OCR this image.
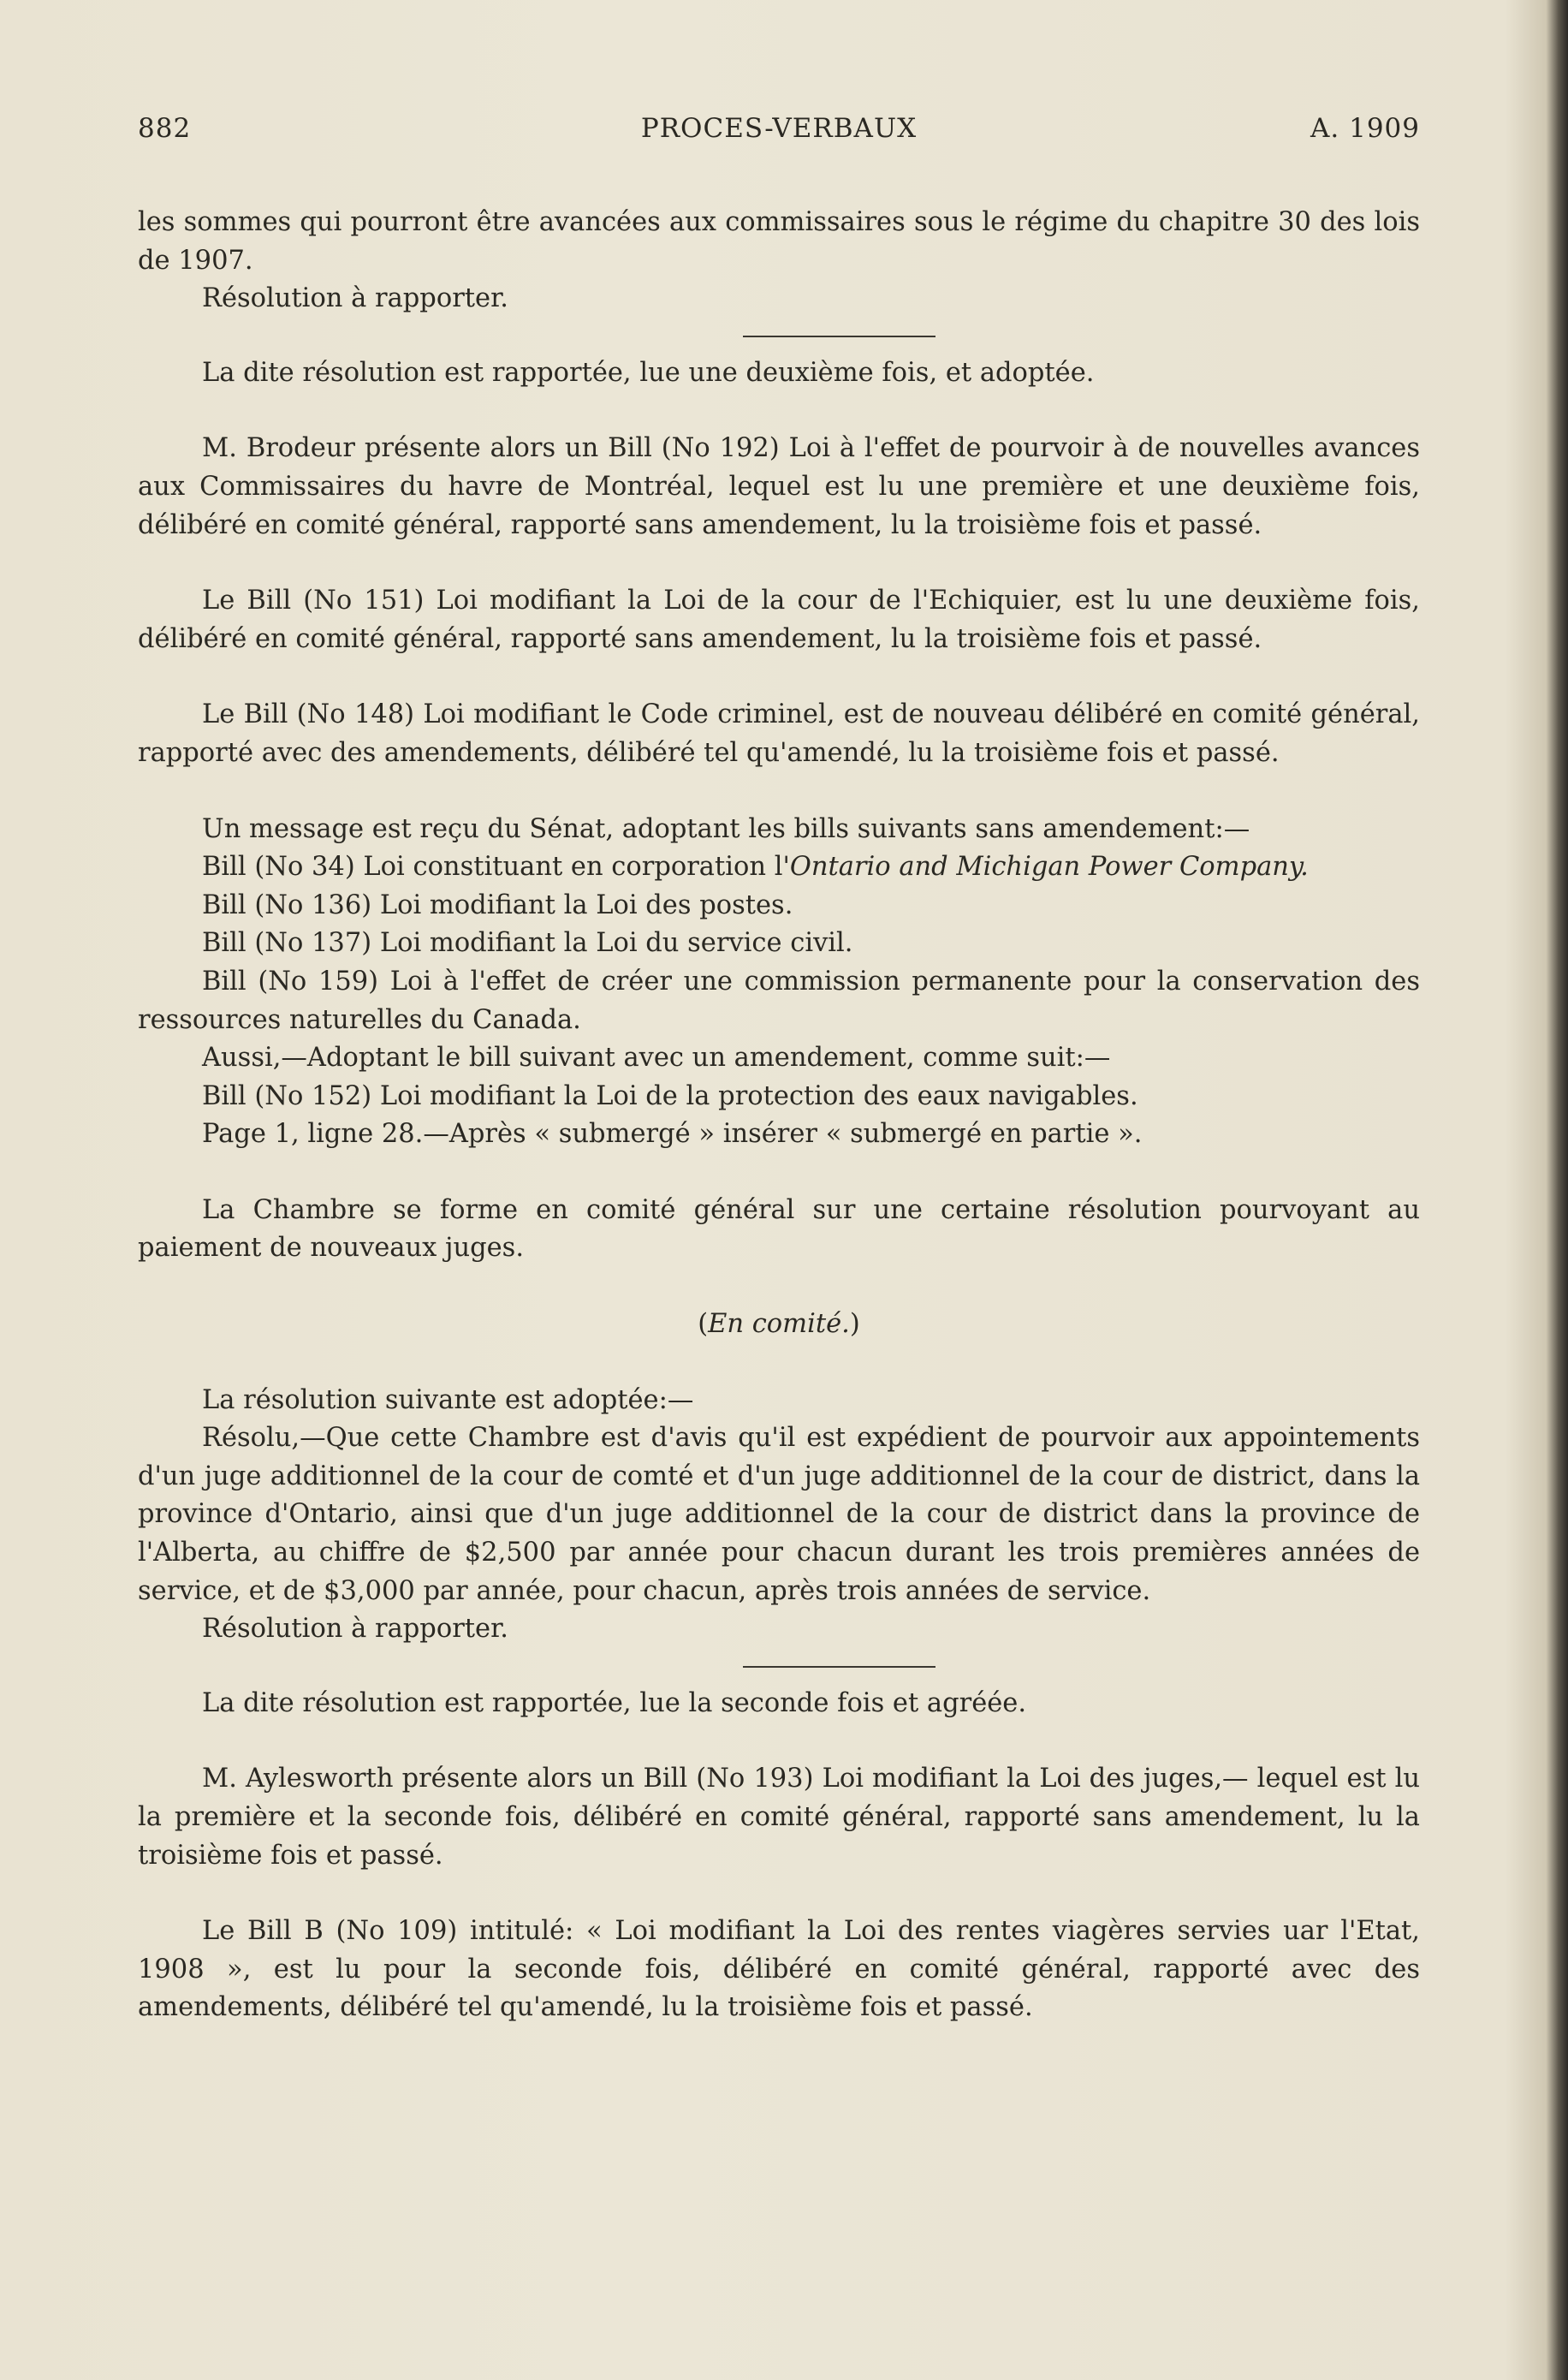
882	PROCES-VERBAUX	A. 1909

les sommes qui pourront être avancées aux commissaires sous le régime du chapitre 30 des lois de 1907.

Résolution à rapporter.

La dite résolution est rapportée, lue une deuxième fois, et adoptée.

M. Brodeur présente alors un Bill (No 192) Loi à l'effet de pourvoir à de nouvelles avances aux Commissaires du havre de Montréal, lequel est lu une première et une deuxième fois, délibéré en comité général, rapporté sans amendement, lu la troisième fois et passé.

Le Bill (No 151) Loi modifiant la Loi de la cour de l'Echiquier, est lu une deuxième fois, délibéré en comité général, rapporté sans amendement, lu la troisième fois et passé.

Le Bill (No 148) Loi modifiant le Code criminel, est de nouveau délibéré en comité général, rapporté avec des amendements, délibéré tel qu'amendé, lu la troisième fois et passé.

Un message est reçu du Sénat, adoptant les bills suivants sans amendement:—

Bill (No 34) Loi constituant en corporation l'Ontario and Michigan Power Company.

Bill (No 136) Loi modifiant la Loi des postes.

Bill (No 137) Loi modifiant la Loi du service civil.

Bill (No 159) Loi à l'effet de créer une commission permanente pour la conservation des ressources naturelles du Canada.

Aussi,—Adoptant le bill suivant avec un amendement, comme suit:—

Bill (No 152) Loi modifiant la Loi de la protection des eaux navigables.

Page 1, ligne 28.—Après « submergé » insérer « submergé en partie ».

La Chambre se forme en comité général sur une certaine résolution pourvoyant au paiement de nouveaux juges.

(En comité.)

La résolution suivante est adoptée:—

Résolu,—Que cette Chambre est d'avis qu'il est expédient de pourvoir aux appointements d'un juge additionnel de la cour de comté et d'un juge additionnel de la cour de district, dans la province d'Ontario, ainsi que d'un juge additionnel de la cour de district dans la province de l'Alberta, au chiffre de $2,500 par année pour chacun durant les trois premières années de service, et de $3,000 par année, pour chacun, après trois années de service.

Résolution à rapporter.

La dite résolution est rapportée, lue la seconde fois et agréée.

M. Aylesworth présente alors un Bill (No 193) Loi modifiant la Loi des juges,— lequel est lu la première et la seconde fois, délibéré en comité général, rapporté sans amendement, lu la troisième fois et passé.

Le Bill B (No 109) intitulé: « Loi modifiant la Loi des rentes viagères servies uar l'Etat, 1908 », est lu pour la seconde fois, délibéré en comité général, rapporté avec des amendements, délibéré tel qu'amendé, lu la troisième fois et passé.
